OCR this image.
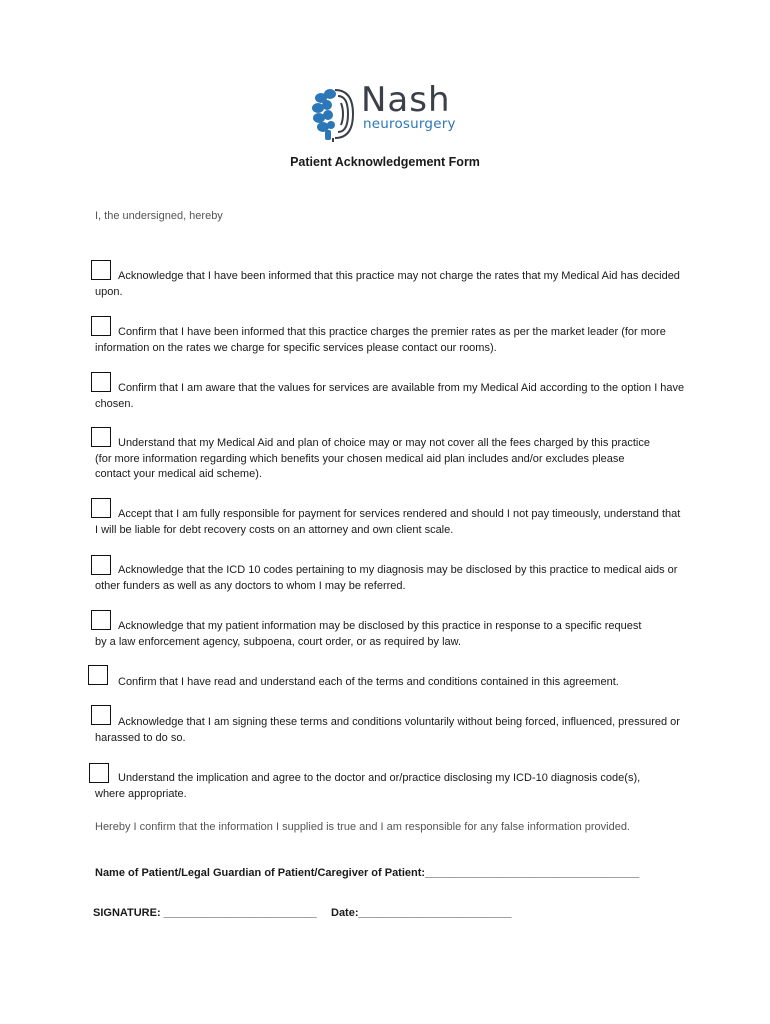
Nash
neurosurgery
Patient Acknowledgement Form
I, the undersigned, hereby
Acknowledge that I have been informed that this practice may not charge the rates that my Medical Aid has decided upon.
Confirm that I have been informed that this practice charges the premier rates as per the market leader (for more information on the rates we charge for specific services please contact our rooms).
Confirm that I am aware that the values for services are available from my Medical Aid according to the option I have chosen.
Understand that my Medical Aid and plan of choice may or may not cover all the fees charged by this practice (for more information regarding which benefits your chosen medical aid plan includes and/or excludes please contact your medical aid scheme).
Accept that I am fully responsible for payment for services rendered and should I not pay timeously, understand that I will be liable for debt recovery costs on an attorney and own client scale.
Acknowledge that the ICD 10 codes pertaining to my diagnosis may be disclosed by this practice to medical aids or other funders as well as any doctors to whom I may be referred.
Acknowledge that my patient information may be disclosed by this practice in response to a specific request by a law enforcement agency, subpoena, court order, or as required by law.
Confirm that I have read and understand each of the terms and conditions contained in this agreement.
Acknowledge that I am signing these terms and conditions voluntarily without being forced, influenced, pressured or harassed to do so.
Understand the implication and agree to the doctor and or/practice disclosing my ICD-10 diagnosis code(s), where appropriate.
Hereby I confirm that the information I supplied is true and I am responsible for any false information provided.
Name of Patient/Legal Guardian of Patient/Caregiver of Patient:___________________________________
SIGNATURE: _________________________ Date:_________________________
